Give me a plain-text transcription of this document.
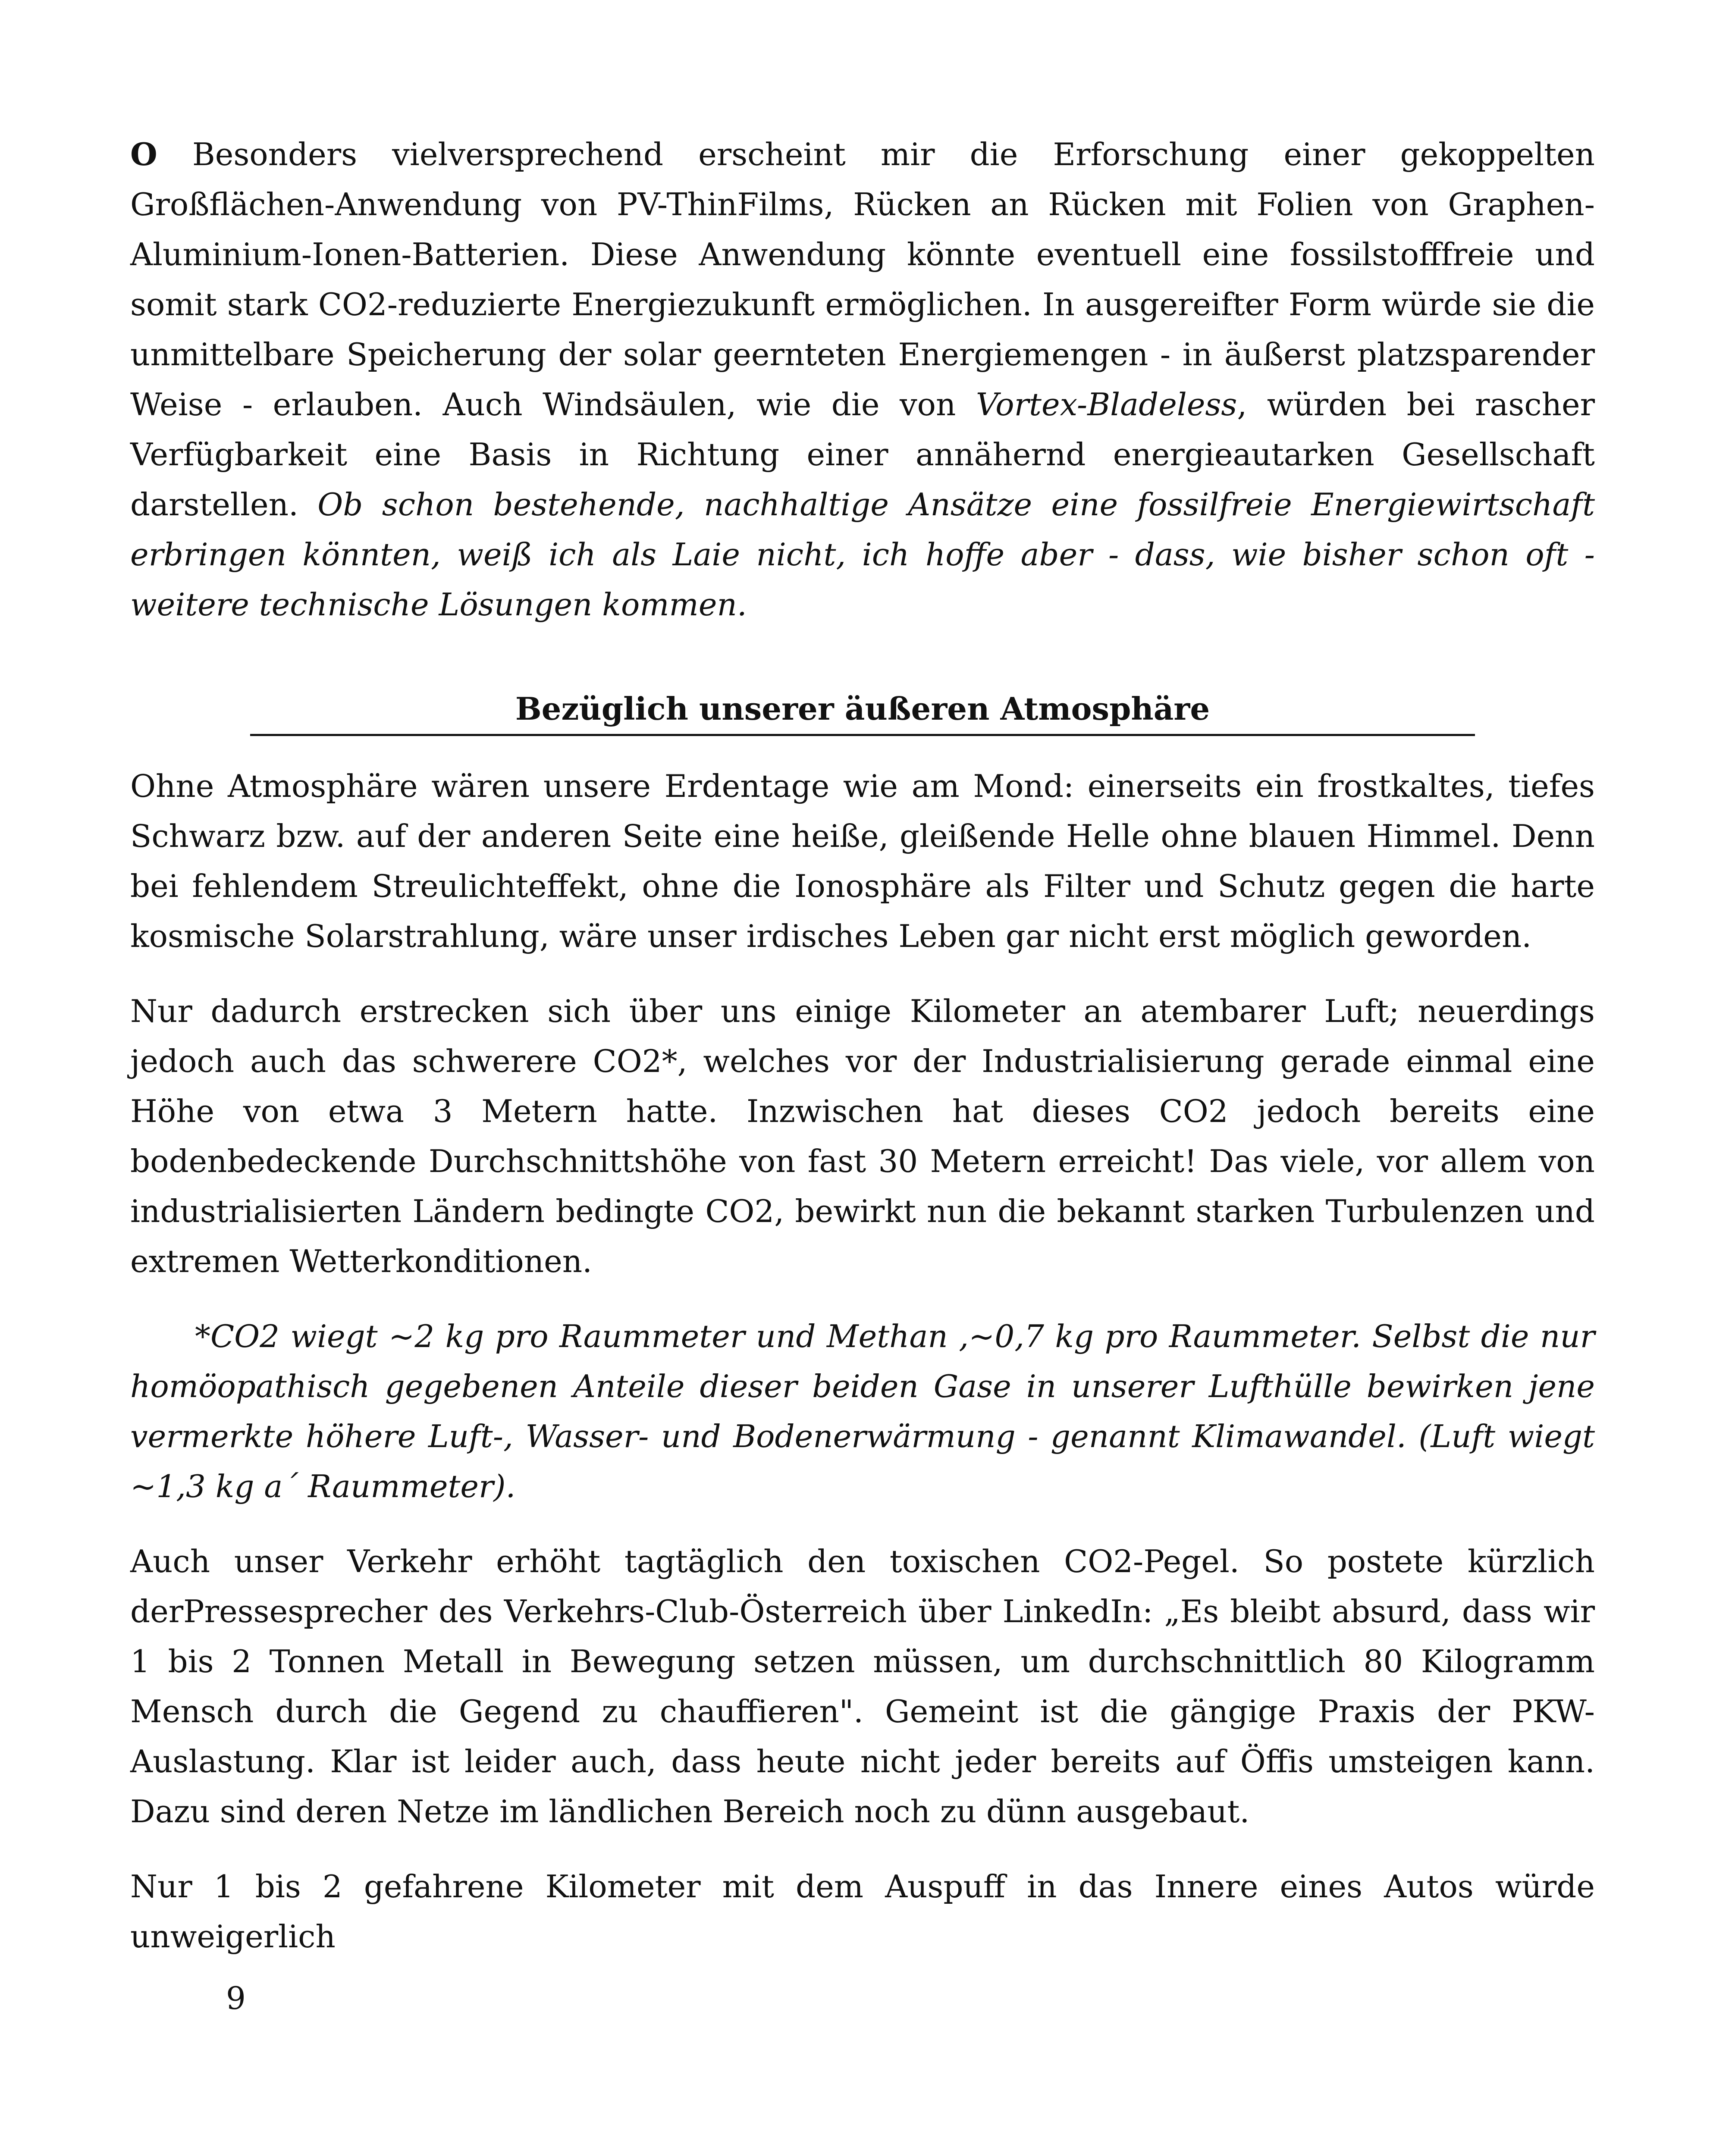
O Besonders vielversprechend erscheint mir die Erforschung einer gekoppelten Großflächen-Anwendung von PV-ThinFilms, Rücken an Rücken mit Folien von Graphen-Aluminium-Ionen-Batterien. Diese Anwendung könnte eventuell eine fossilstofffreie und somit stark CO2-reduzierte Energiezukunft ermöglichen. In ausgereifter Form würde sie die unmittelbare Speicherung der solar geernteten Energiemengen - in äußerst platzsparender Weise - erlauben. Auch Windsäulen, wie die von Vortex-Bladeless, würden bei rascher Verfügbarkeit eine Basis in Richtung einer annähernd energieautarken Gesellschaft darstellen. Ob schon bestehende, nachhaltige Ansätze eine fossilfreie Energiewirtschaft erbringen könnten, weiß ich als Laie nicht, ich hoffe aber - dass, wie bisher schon oft - weitere technische Lösungen kommen.

Bezüglich unserer äußeren Atmosphäre

Ohne Atmosphäre wären unsere Erdentage wie am Mond: einerseits ein frostkaltes, tiefes Schwarz bzw. auf der anderen Seite eine heiße, gleißende Helle ohne blauen Himmel. Denn bei fehlendem Streulichteffekt, ohne die Ionosphäre als Filter und Schutz gegen die harte kosmische Solarstrahlung, wäre unser irdisches Leben gar nicht erst möglich geworden.

Nur dadurch erstrecken sich über uns einige Kilometer an atembarer Luft; neuerdings jedoch auch das schwerere CO2*, welches vor der Industrialisierung gerade einmal eine Höhe von etwa 3 Metern hatte. Inzwischen hat dieses CO2 jedoch bereits eine bodenbedeckende Durchschnittshöhe von fast 30 Metern erreicht! Das viele, vor allem von industrialisierten Ländern bedingte CO2, bewirkt nun die bekannt starken Turbulenzen und extremen Wetterkonditionen.

*CO2 wiegt ~2 kg pro Raummeter und Methan ,~0,7 kg pro Raummeter. Selbst die nur homöopathisch gegebenen Anteile dieser beiden Gase in unserer Lufthülle bewirken jene vermerkte höhere Luft-, Wasser- und Bodenerwärmung - genannt Klimawandel. (Luft wiegt ~1,3 kg a´ Raummeter).

Auch unser Verkehr erhöht tagtäglich den toxischen CO2-Pegel. So postete kürzlich derPressesprecher des Verkehrs-Club-Österreich über LinkedIn: „Es bleibt absurd, dass wir 1 bis 2 Tonnen Metall in Bewegung setzen müssen, um durchschnittlich 80 Kilogramm Mensch durch die Gegend zu chauffieren". Gemeint ist die gängige Praxis der PKW-Auslastung. Klar ist leider auch, dass heute nicht jeder bereits auf Öffis umsteigen kann. Dazu sind deren Netze im ländlichen Bereich noch zu dünn ausgebaut.

Nur 1 bis 2 gefahrene Kilometer mit dem Auspuff in das Innere eines Autos würde unweigerlich

9
